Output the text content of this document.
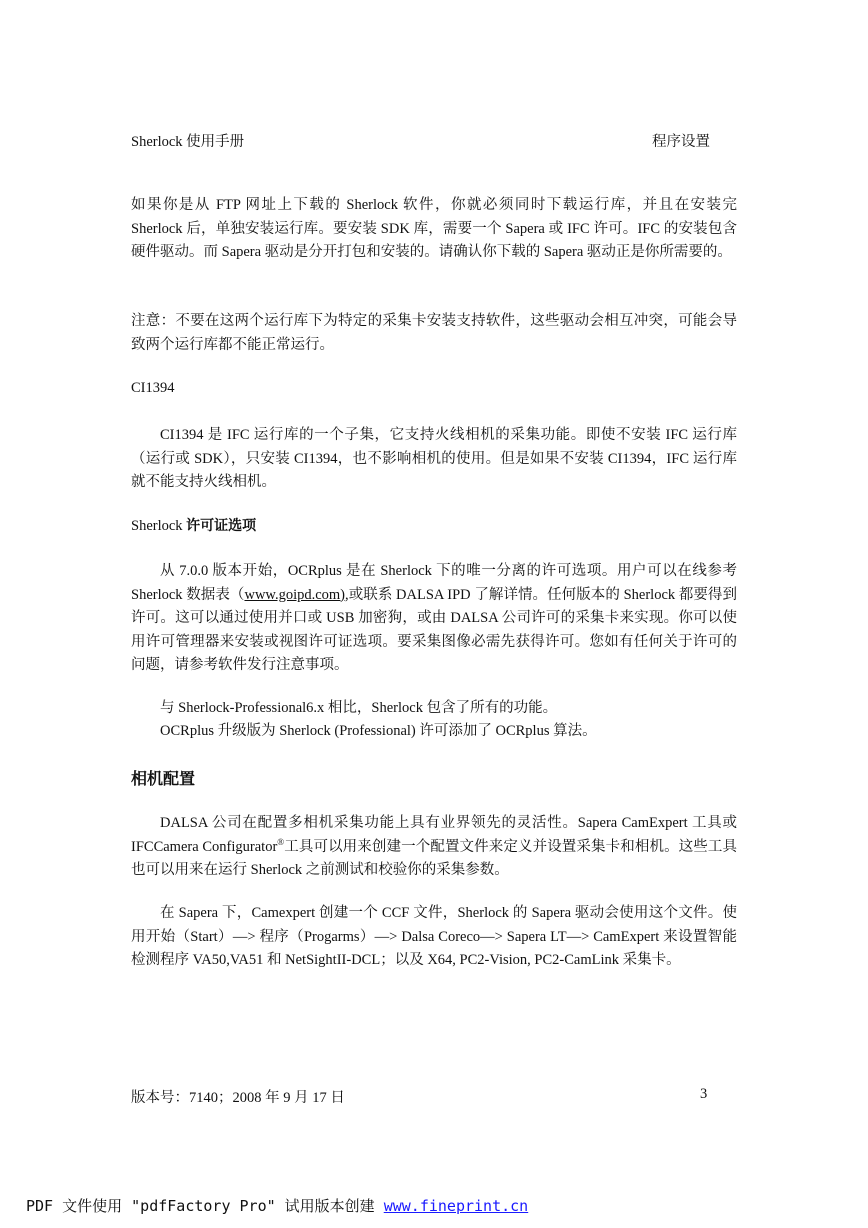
Sherlock 使用手册	程序设置
如果你是从 FTP 网址上下载的 Sherlock 软件，你就必须同时下载运行库，并且在安装完Sherlock 后，单独安装运行库。要安装 SDK 库，需要一个 Sapera 或 IFC 许可。IFC 的安装包含硬件驱动。而 Sapera 驱动是分开打包和安装的。请确认你下载的 Sapera 驱动正是你所需要的。
注意：不要在这两个运行库下为特定的采集卡安装支持软件，这些驱动会相互冲突，可能会导致两个运行库都不能正常运行。
CI1394
CI1394 是 IFC 运行库的一个子集，它支持火线相机的采集功能。即使不安装 IFC 运行库（运行或 SDK），只安装 CI1394，也不影响相机的使用。但是如果不安装 CI1394，IFC 运行库就不能支持火线相机。
Sherlock 许可证选项
从 7.0.0 版本开始，OCRplus 是在 Sherlock 下的唯一分离的许可选项。用户可以在线参考 Sherlock 数据表（www.goipd.com),或联系 DALSA IPD 了解详情。任何版本的 Sherlock 都要得到许可。这可以通过使用并口或 USB 加密狗，或由 DALSA 公司许可的采集卡来实现。你可以使用许可管理器来安装或视图许可证选项。要采集图像必需先获得许可。您如有任何关于许可的问题，请参考软件发行注意事项。
与 Sherlock-Professional6.x 相比，Sherlock 包含了所有的功能。
OCRplus 升级版为 Sherlock (Professional) 许可添加了 OCRplus 算法。
相机配置
DALSA 公司在配置多相机采集功能上具有业界领先的灵活性。Sapera CamExpert 工具或 IFCCamera Configurator®工具可以用来创建一个配置文件来定义并设置采集卡和相机。这些工具也可以用来在运行 Sherlock 之前测试和校验你的采集参数。
在 Sapera 下，Camexpert 创建一个 CCF 文件，Sherlock 的 Sapera 驱动会使用这个文件。使用开始（Start）—> 程序（Progarms）—> Dalsa Coreco—> Sapera LT—> CamExpert 来设置智能检测程序 VA50,VA51 和 NetSightII-DCL；以及 X64, PC2-Vision, PC2-CamLink 采集卡。
版本号：7140；2008 年 9 月 17 日	3
PDF 文件使用 "pdfFactory Pro" 试用版本创建 www.fineprint.cn
